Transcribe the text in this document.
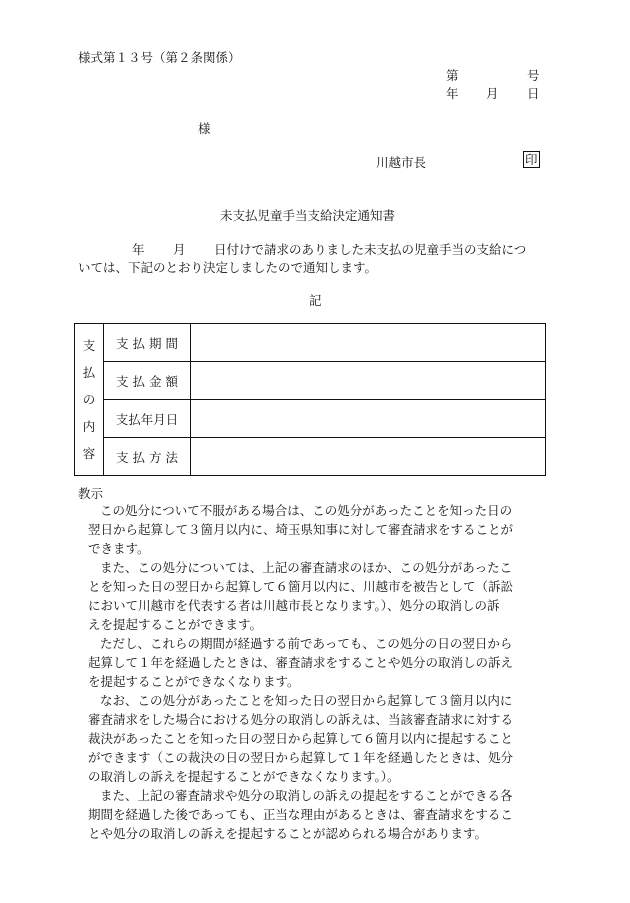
様式第１３号（第２条関係）
第	号
年 月 日
様
川越市長	印
未支払児童手当支給決定通知書
年 月 日付けで請求のありました未支払の児童手当の支給につ
いては、下記のとおり決定しましたので通知します。
記
支
払
の
内
容	支 払 期 間	
	支 払 金 額	
	支払年月日	
	支 払 方 法	
教示

この処分について不服がある場合は、この処分があったことを知った日の

翌日から起算して３箇月以内に、埼玉県知事に対して審査請求をすることが

できます。

また、この処分については、上記の審査請求のほか、この処分があったこ

とを知った日の翌日から起算して６箇月以内に、川越市を被告として（訴訟

において川越市を代表する者は川越市長となります。）、処分の取消しの訴

えを提起することができます。

ただし、これらの期間が経過する前であっても、この処分の日の翌日から

起算して１年を経過したときは、審査請求をすることや処分の取消しの訴え

を提起することができなくなります。

なお、この処分があったことを知った日の翌日から起算して３箇月以内に

審査請求をした場合における処分の取消しの訴えは、当該審査請求に対する

裁決があったことを知った日の翌日から起算して６箇月以内に提起すること

ができます（この裁決の日の翌日から起算して１年を経過したときは、処分

の取消しの訴えを提起することができなくなります。）。

また、上記の審査請求や処分の取消しの訴えの提起をすることができる各

期間を経過した後であっても、正当な理由があるときは、審査請求をするこ

とや処分の取消しの訴えを提起することが認められる場合があります。
